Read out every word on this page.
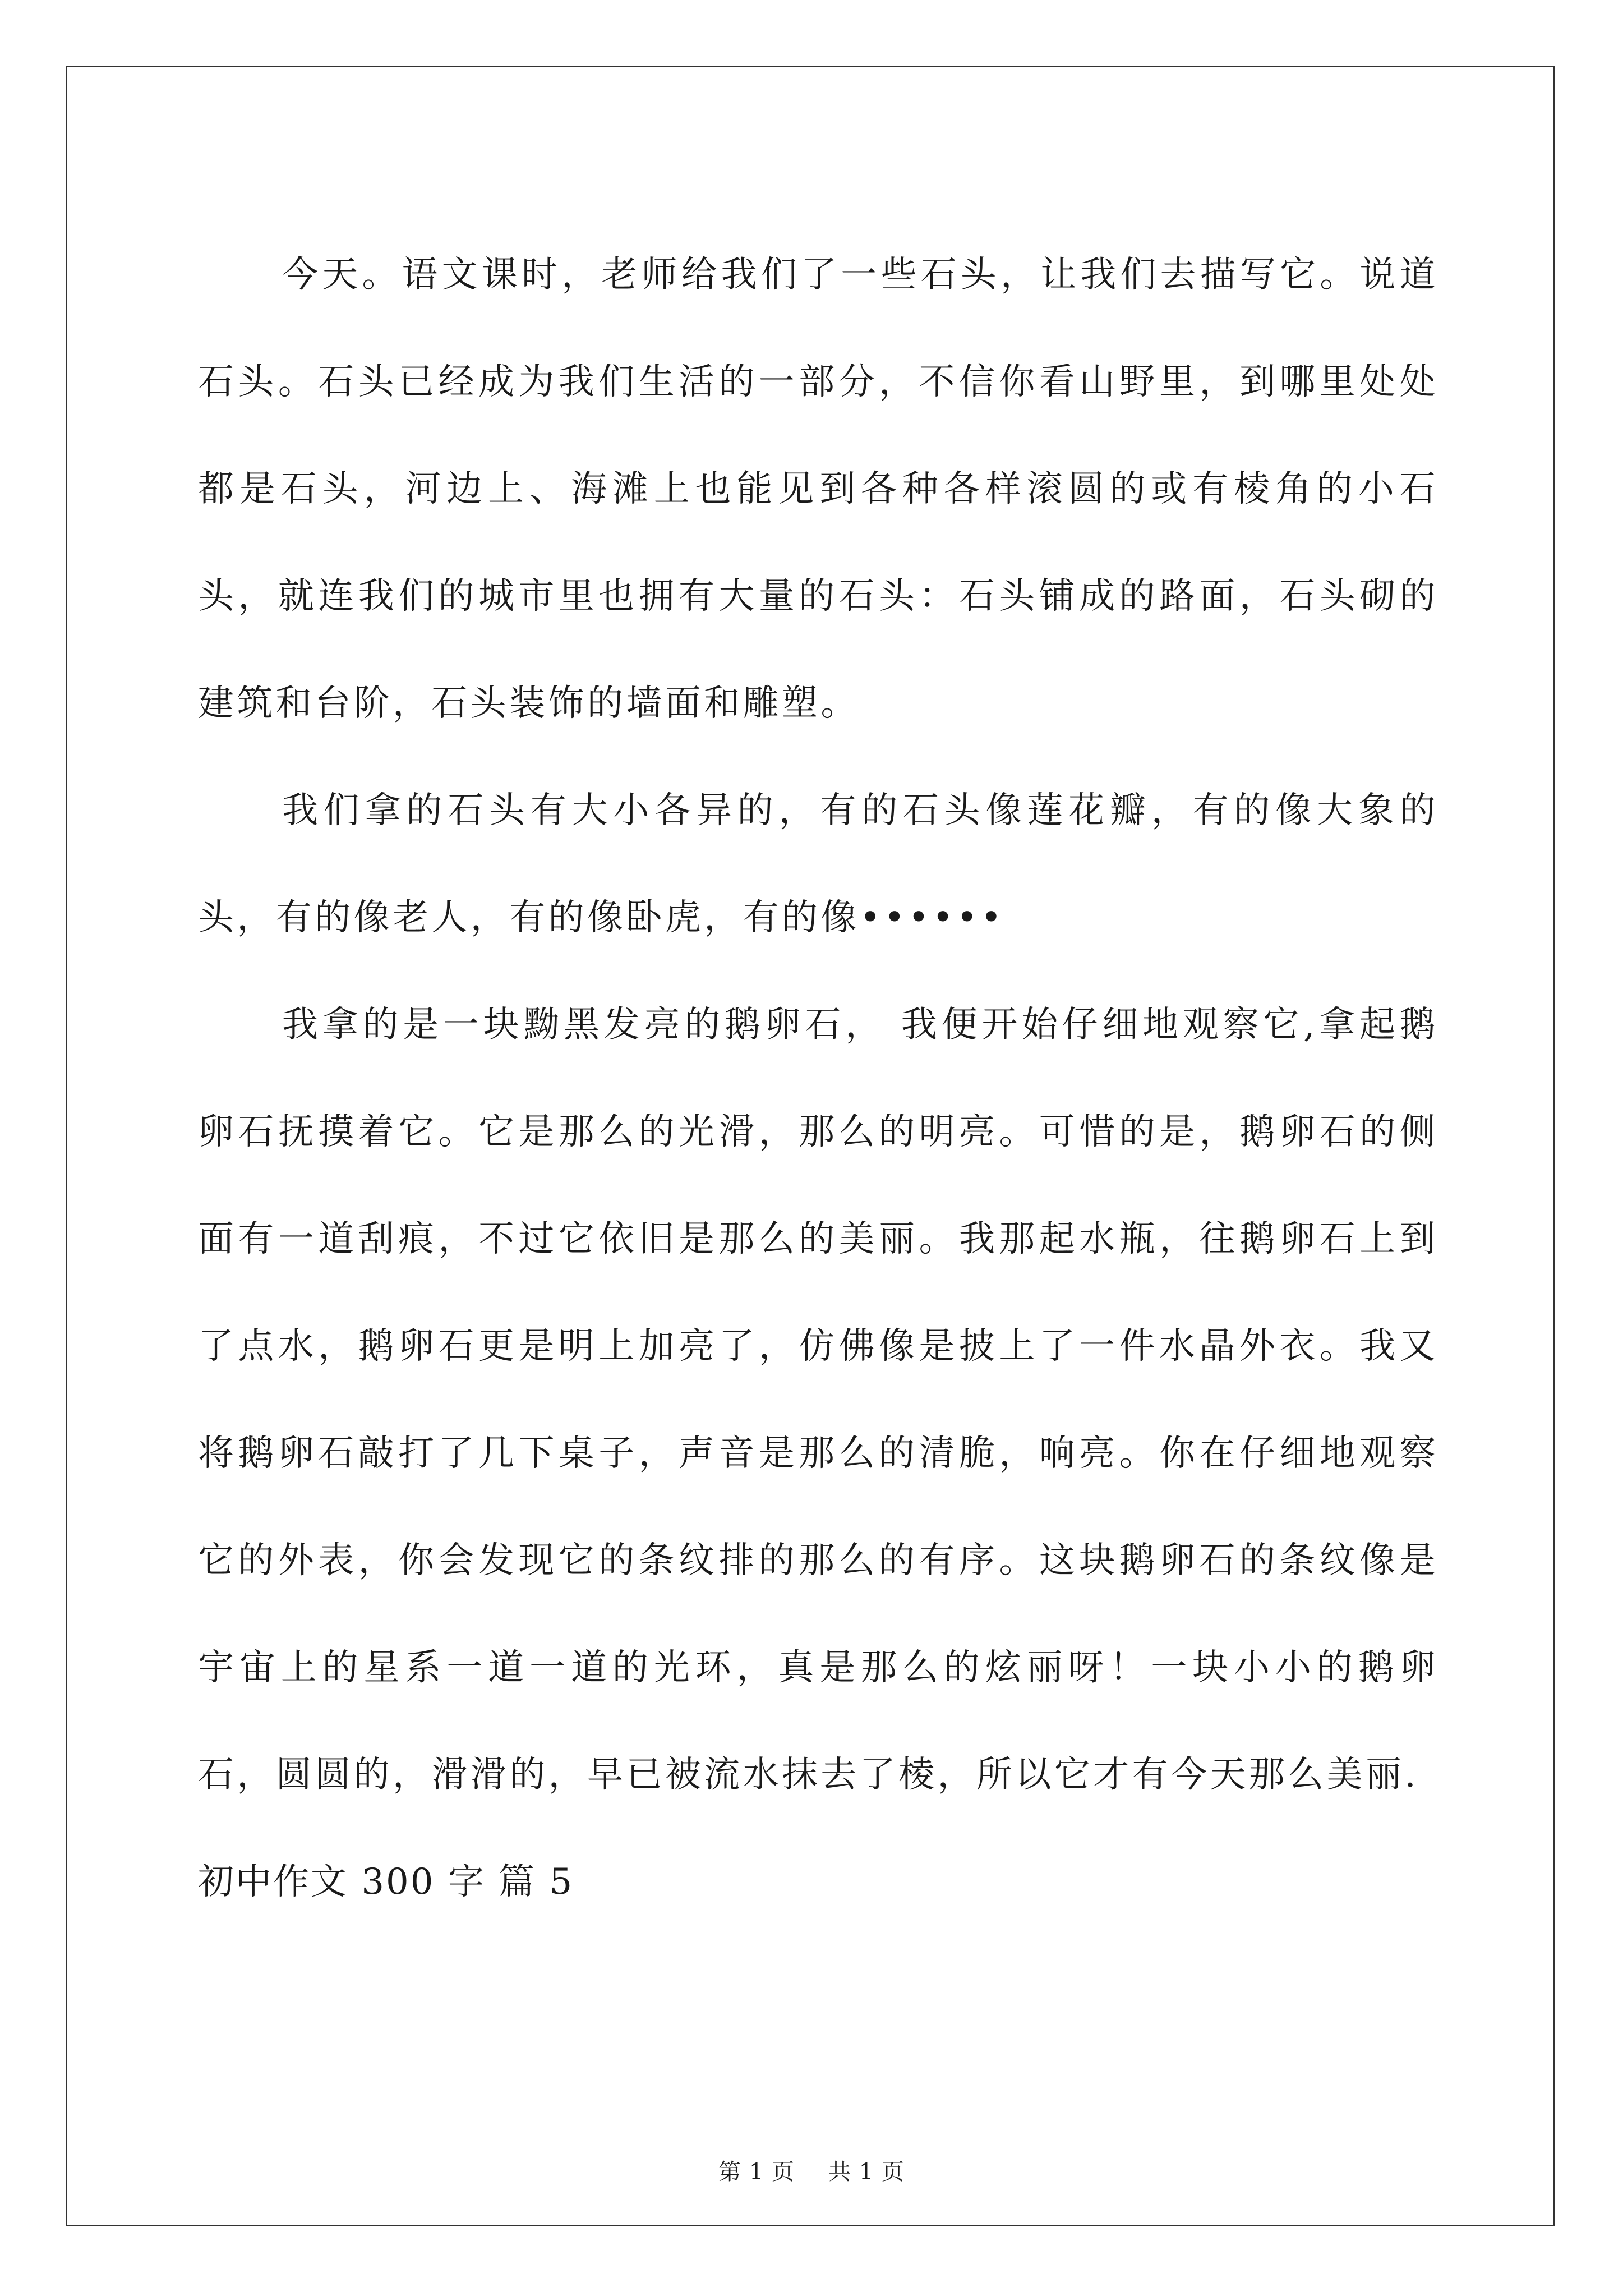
今天。语文课时，老师给我们了一些石头，让我们去描写它。说道石头。石头已经成为我们生活的一部分，不信你看山野里，到哪里处处都是石头，河边上、海滩上也能见到各种各样滚圆的或有棱角的小石头，就连我们的城市里也拥有大量的石头：石头铺成的路面，石头砌的建筑和台阶，石头装饰的墙面和雕塑。

我们拿的石头有大小各异的，有的石头像莲花瓣，有的像大象的头，有的像老人，有的像卧虎，有的像••••••

我拿的是一块黝黑发亮的鹅卵石， 我便开始仔细地观察它,拿起鹅卵石抚摸着它。它是那么的光滑，那么的明亮。可惜的是，鹅卵石的侧面有一道刮痕，不过它依旧是那么的美丽。我那起水瓶，往鹅卵石上到了点水，鹅卵石更是明上加亮了，仿佛像是披上了一件水晶外衣。我又将鹅卵石敲打了几下桌子，声音是那么的清脆，响亮。你在仔细地观察它的外表，你会发现它的条纹排的那么的有序。这块鹅卵石的条纹像是宇宙上的星系一道一道的光环，真是那么的炫丽呀！一块小小的鹅卵石，圆圆的，滑滑的，早已被流水抹去了棱，所以它才有今天那么美丽.

初中作文 300 字 篇 5

第 1 页 共 1 页
